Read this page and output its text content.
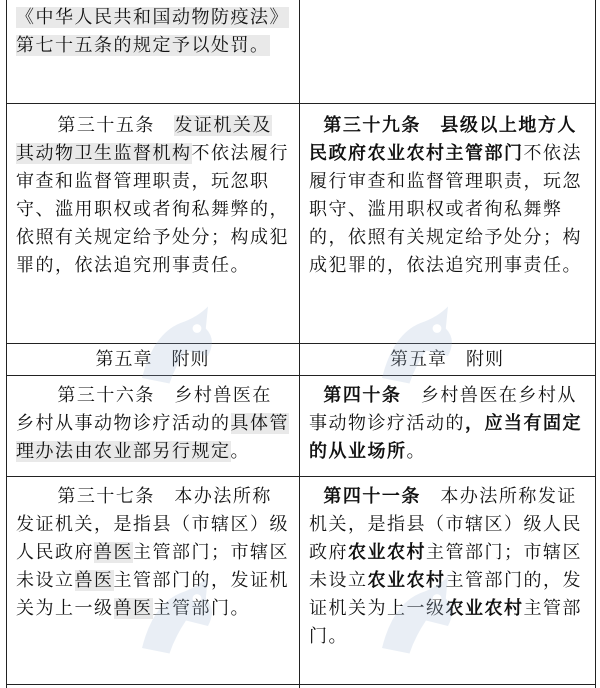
《中华人民共和国动物防疫法》

第七十五条的规定予以处罚。

第三十五条　 发证机关及其动物卫生监督机构不依法履行审查和监督管理职责，玩忽职守、滥用职权或者徇私舞弊的，依照有关规定给予处分；构成犯罪的，依法追究刑事责任。
第三十九条　县级以上地方人民政府农业农村主管部门不依法履行审查和监督管理职责，玩忽职守、滥用职权或者徇私舞弊的，依照有关规定给予处分；构成犯罪的，依法追究刑事责任。
第五章　附则	第五章　附则
第三十六条　 乡村兽医在乡村从事动物诊疗活动的具体管理办法由农业部另行规定。
第四十条　 乡村兽医在乡村从事动物诊疗活动的，应当有固定的从业场所。
第三十七条　 本办法所称发证机关，是指县（市辖区）级人民政府兽医主管部门；市辖区未设立兽医主管部门的，发证机关为上一级兽医主管部门。
第四十一条　 本办法所称发证机关，是指县（市辖区）级人民政府农业农村主管部门；市辖区未设立农业农村主管部门的，发证机关为上一级农业农村主管部门。
